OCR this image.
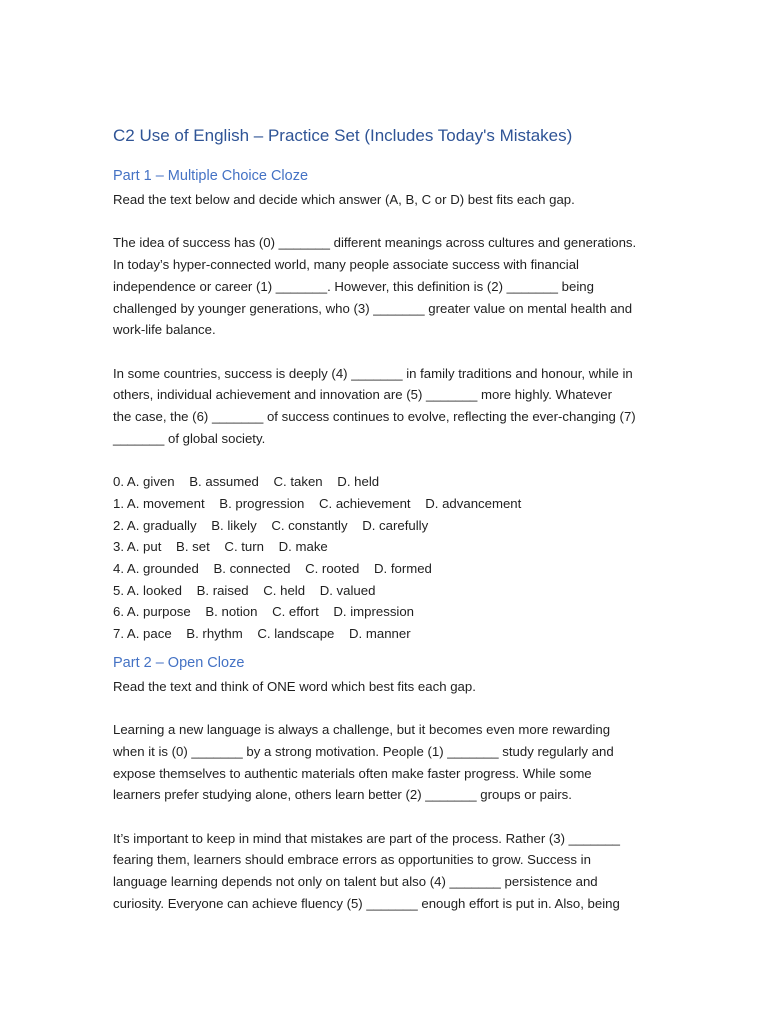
C2 Use of English – Practice Set (Includes Today's Mistakes)
Part 1 – Multiple Choice Cloze

Read the text below and decide which answer (A, B, C or D) best fits each gap.

The idea of success has (0) _______ different meanings across cultures and generations.

In today’s hyper-connected world, many people associate success with financial

independence or career (1) _______. However, this definition is (2) _______ being

challenged by younger generations, who (3) _______ greater value on mental health and

work-life balance.

In some countries, success is deeply (4) _______ in family traditions and honour, while in

others, individual achievement and innovation are (5) _______ more highly. Whatever

the case, the (6) _______ of success continues to evolve, reflecting the ever-changing (7)

_______ of global society.

0. A. given    B. assumed    C. taken    D. held

1. A. movement    B. progression    C. achievement    D. advancement

2. A. gradually    B. likely    C. constantly    D. carefully

3. A. put    B. set    C. turn    D. make

4. A. grounded    B. connected    C. rooted    D. formed

5. A. looked    B. raised    C. held    D. valued

6. A. purpose    B. notion    C. effort    D. impression

7. A. pace    B. rhythm    C. landscape    D. manner

Part 2 – Open Cloze

Read the text and think of ONE word which best fits each gap.

Learning a new language is always a challenge, but it becomes even more rewarding

when it is (0) _______ by a strong motivation. People (1) _______ study regularly and

expose themselves to authentic materials often make faster progress. While some

learners prefer studying alone, others learn better (2) _______ groups or pairs.

It’s important to keep in mind that mistakes are part of the process. Rather (3) _______

fearing them, learners should embrace errors as opportunities to grow. Success in

language learning depends not only on talent but also (4) _______ persistence and

curiosity. Everyone can achieve fluency (5) _______ enough effort is put in. Also, being
